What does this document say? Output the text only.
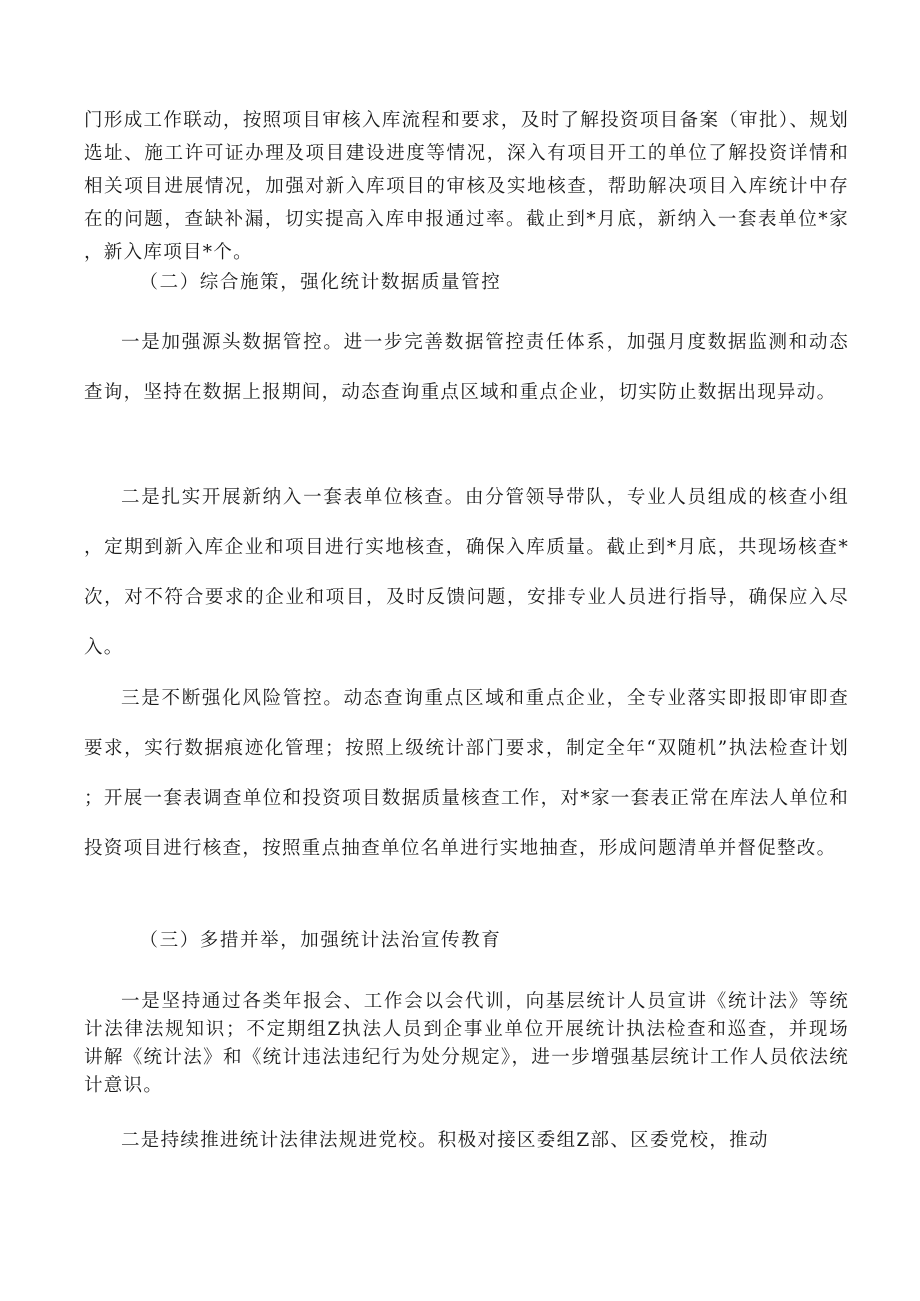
门形成工作联动，按照项目审核入库流程和要求，及时了解投资项目备案（审批）、规划选址、施工许可证办理及项目建设进度等情况，深入有项目开工的单位了解投资详情和相关项目进展情况，加强对新入库项目的审核及实地核查，帮助解决项目入库统计中存在的问题，查缺补漏，切实提高入库申报通过率。截止到*月底，新纳入一套表单位*家，新入库项目*个。

（二）综合施策，强化统计数据质量管控

一是加强源头数据管控。进一步完善数据管控责任体系，加强月度数据监测和动态查询，坚持在数据上报期间，动态查询重点区域和重点企业，切实防止数据出现异动。

二是扎实开展新纳入一套表单位核查。由分管领导带队，专业人员组成的核查小组，定期到新入库企业和项目进行实地核查，确保入库质量。截止到*月底，共现场核查*次，对不符合要求的企业和项目，及时反馈问题，安排专业人员进行指导，确保应入尽入。

三是不断强化风险管控。动态查询重点区域和重点企业，全专业落实即报即审即查要求，实行数据痕迹化管理；按照上级统计部门要求，制定全年“双随机”执法检查计划；开展一套表调查单位和投资项目数据质量核查工作，对*家一套表正常在库法人单位和投资项目进行核查，按照重点抽查单位名单进行实地抽查，形成问题清单并督促整改。

（三）多措并举，加强统计法治宣传教育

一是坚持通过各类年报会、工作会以会代训，向基层统计人员宣讲《统计法》等统计法律法规知识；不定期组Z执法人员到企事业单位开展统计执法检查和巡查，并现场讲解《统计法》和《统计违法违纪行为处分规定》，进一步增强基层统计工作人员依法统计意识。

二是持续推进统计法律法规进党校。积极对接区委组Z部、区委党校，推动
